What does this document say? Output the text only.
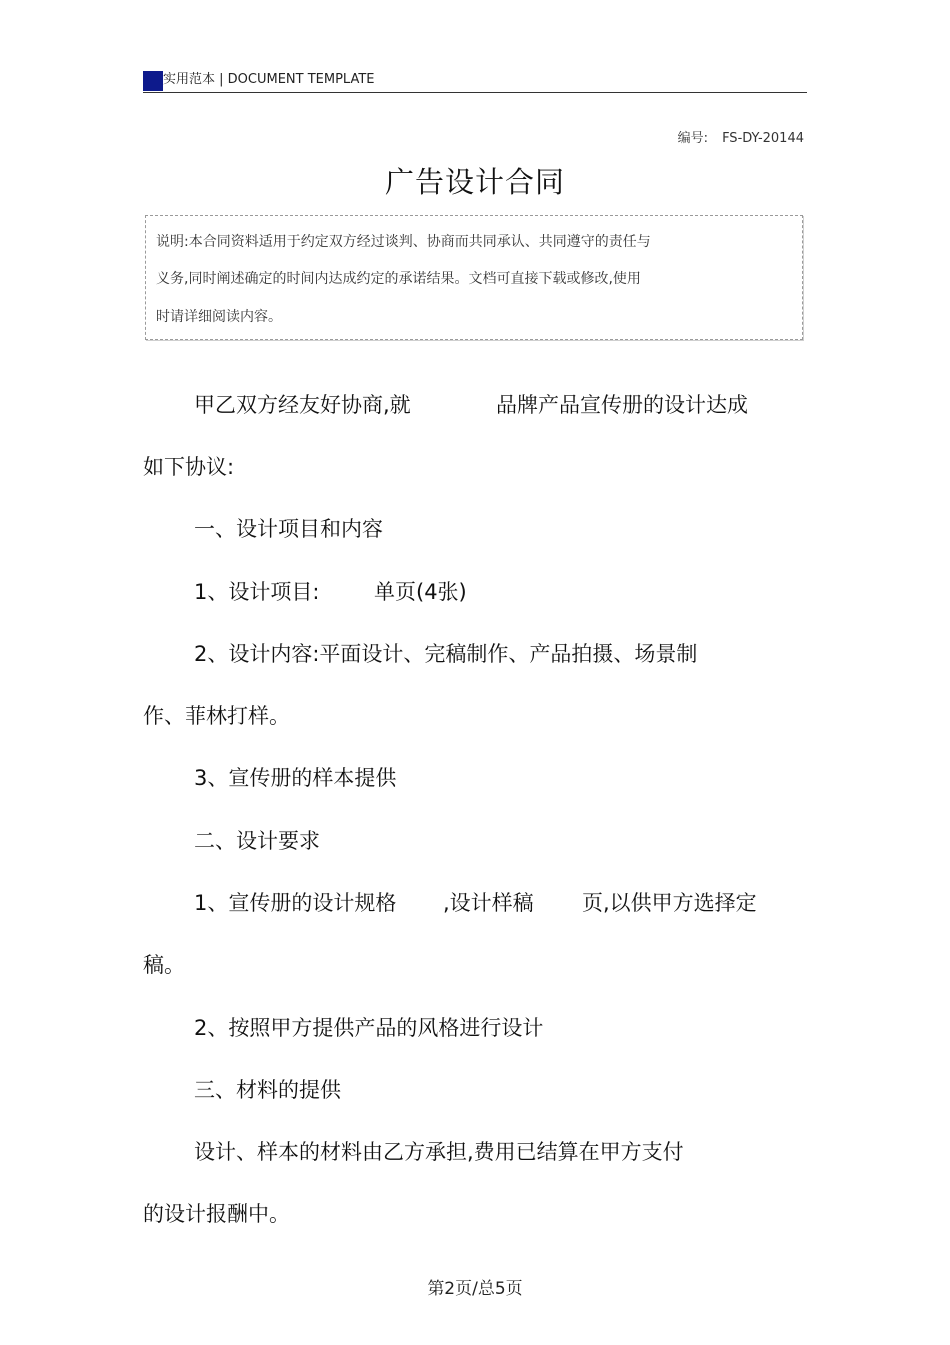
实用范本 | DOCUMENT TEMPLATE
编号: FS-DY-20144
广告设计合同
说明:本合同资料适用于约定双方经过谈判、协商而共同承认、共同遵守的责任与
义务,同时阐述确定的时间内达成约定的承诺结果。文档可直接下载或修改,使用
时请详细阅读内容。
甲乙双方经友好协商,就	品牌产品宣传册的设计达成
如下协议:
一、设计项目和内容
1、设计项目:	单页(4张)
2、设计内容:平面设计、完稿制作、产品拍摄、场景制
作、菲林打样。
3、宣传册的样本提供
二、设计要求
1、宣传册的设计规格 ,设计样稿 页,以供甲方选择定
稿。
2、按照甲方提供产品的风格进行设计
三、材料的提供
设计、样本的材料由乙方承担,费用已结算在甲方支付
的设计报酬中。
第2页/总5页
